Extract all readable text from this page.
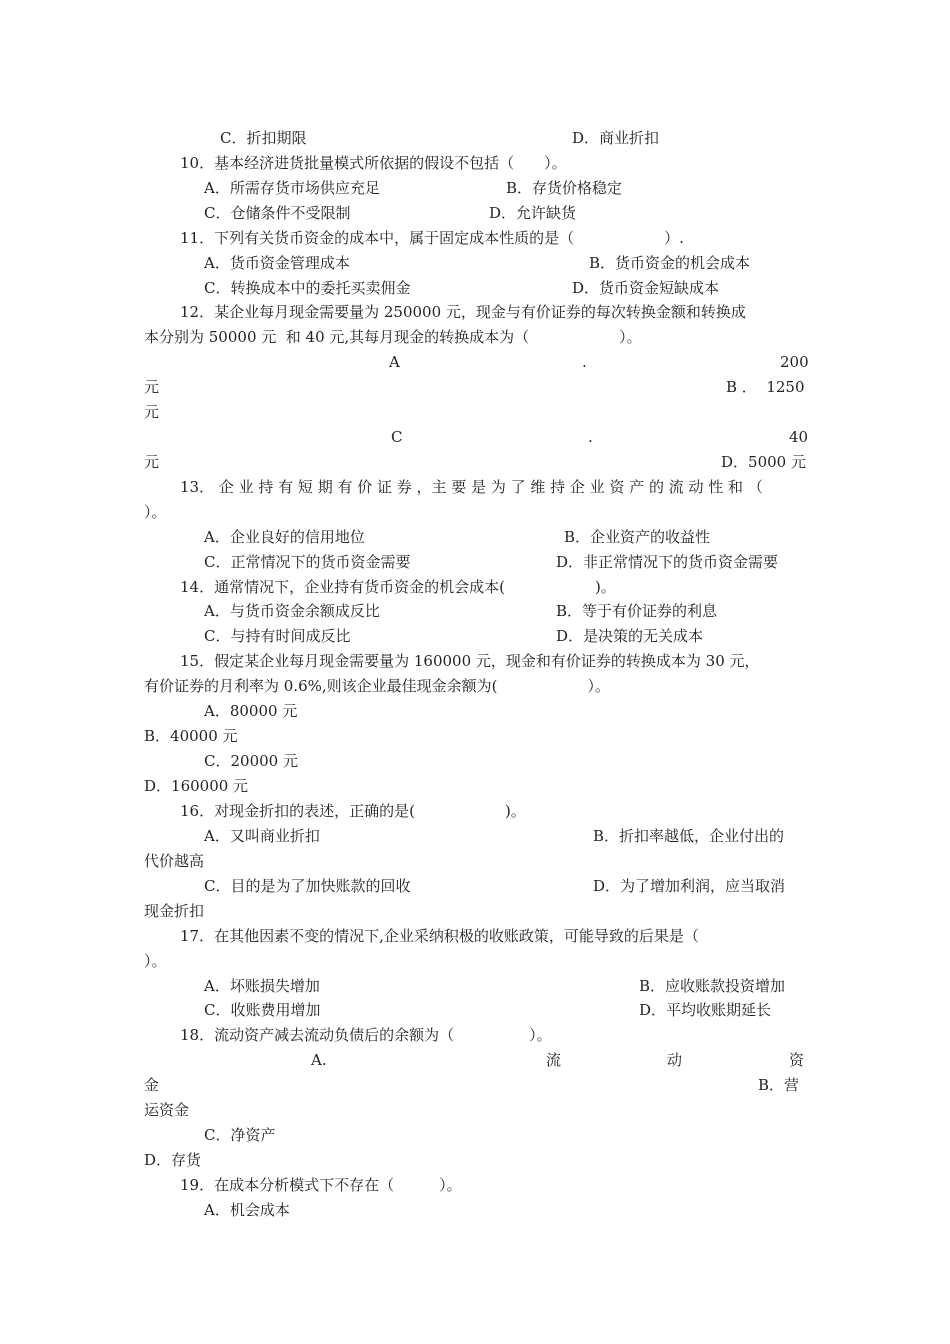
C．折扣期限	D．商业折扣
10．基本经济进货批量模式所依据的假设不包括（　　）。
A．所需存货市场供应充足	B．存货价格稳定
C．仓储条件不受限制	D．允许缺货
11．下列有关货币资金的成本中，属于固定成本性质的是（　　　　　　）.
A．货币资金管理成本	B．货币资金的机会成本
C．转换成本中的委托买卖佣金	D．货币资金短缺成本
12．某企业每月现金需要量为 250000 元，现金与有价证券的每次转换金额和转换成
本分别为 50000 元  和 40 元,其每月现金的转换成本为（　　　　　　）。
A	.	200
元	B ．  1250
元
C	.	40
元	D．5000 元
13． 企 业 持 有 短 期 有 价 证 券 ，主 要 是 为 了 维 持 企 业 资 产 的 流 动 性 和 （
）。
A．企业良好的信用地位	B．企业资产的收益性
C．正常情况下的货币资金需要	D．非正常情况下的货币资金需要
14．通常情况下，企业持有货币资金的机会成本(　　　　　　)。
A．与货币资金余额成反比	B．等于有价证券的利息
C．与持有时间成反比	D．是决策的无关成本
15．假定某企业每月现金需要量为 160000 元，现金和有价证券的转换成本为 30 元，
有价证券的月利率为 0.6%,则该企业最佳现金余额为(　　　　　　）。
A．80000 元
B．40000 元
C．20000 元
D．160000 元
16．对现金折扣的表述，正确的是(　　　　　　)。
A．又叫商业折扣	B．折扣率越低，企业付出的
代价越高
C．目的是为了加快账款的回收	D．为了增加利润，应当取消
现金折扣
17．在其他因素不变的情况下,企业采纳积极的收账政策，可能导致的后果是（
）。
A．坏账损失增加	B．应收账款投资增加
C．收账费用增加	D．平均收账期延长
18．流动资产减去流动负债后的余额为（　　　　　）。
A.	流	动	资
金	B．营
运资金
C．净资产
D．存货
19．在成本分析模式下不存在（　　　）。
A．机会成本
